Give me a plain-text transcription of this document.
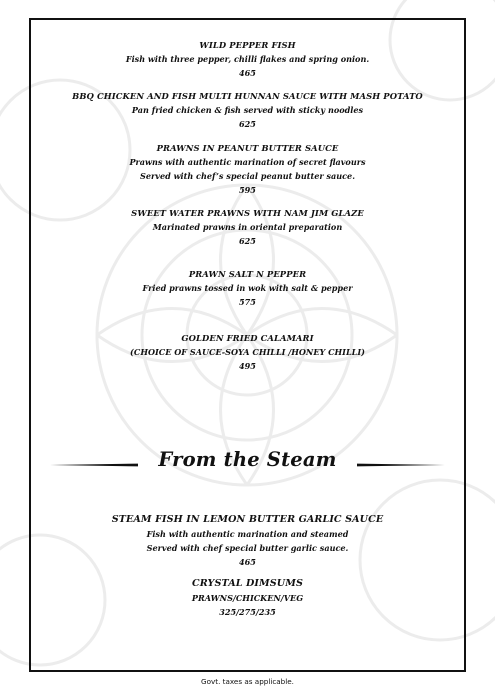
WILD PEPPER FISH
Fish with three pepper, chilli flakes and spring onion.
465
BBQ CHICKEN AND FISH MULTI HUNNAN SAUCE WITH MASH POTATO
Pan fried chicken & fish served with sticky noodles
625
PRAWNS IN PEANUT BUTTER SAUCE
Prawns with authentic marination of secret flavours
Served with chef’s special peanut butter sauce.
595
SWEET WATER PRAWNS WITH NAM JIM GLAZE
Marinated prawns in oriental preparation
625
PRAWN SALT N PEPPER
Fried prawns tossed in wok with salt & pepper
575
GOLDEN FRIED CALAMARI
(CHOICE OF SAUCE-SOYA CHILLI /HONEY CHILLI)
495
From the Steam
STEAM FISH IN LEMON BUTTER GARLIC SAUCE
Fish with authentic marination and steamed
Served with chef special butter garlic sauce.
465
CRYSTAL DIMSUMS
PRAWNS/CHICKEN/VEG
325/275/235
Govt. taxes as applicable.
